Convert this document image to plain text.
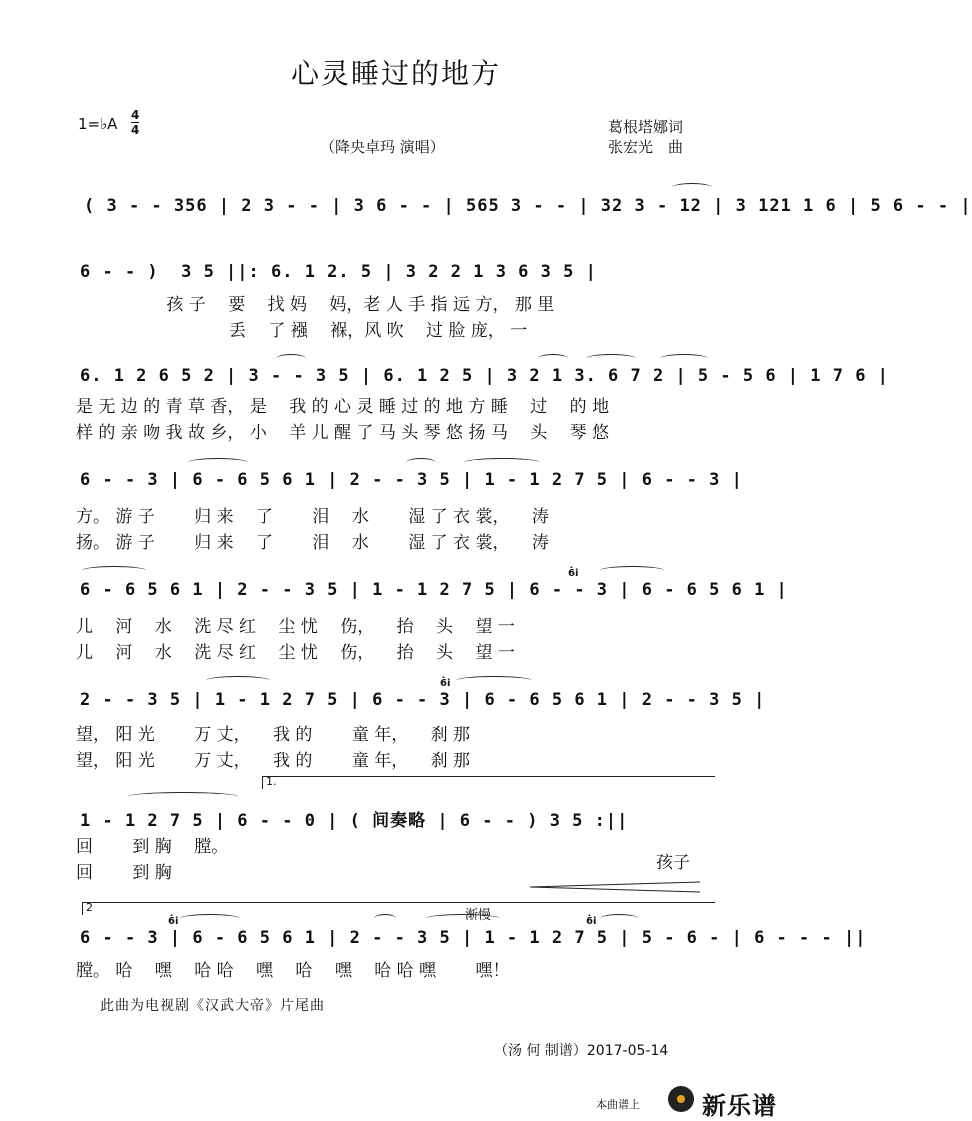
心灵睡过的地方
1=♭A 4
4
（降央卓玛 演唱）
葛根塔娜词
张宏光　曲
( 3 - - 356 | 2 3 - - | 3 6 - - | 565 3 - - | 32 3 - 12 | 3 121 1 6 | 5 6 - - |
6 - - )  3 5 ||: 6. 1 2. 5 | 3 2 2 1 3 6 3 5 |
　　　　　 孩 子 　要 　找 妈 　妈，老 人 手 指 远 方， 那 里
　　　　　　　　　丢 　了 襁 　褓，风 吹 　过 脸 庞， 一
6. 1 2 6 5 2 | 3 - - 3 5 | 6. 1 2 5 | 3 2 1 3. 6 7 2 | 5 - 5 6 | 1 7 6 |
是 无 边 的 青 草 香， 是 　我 的 心 灵 睡 过 的 地 方 睡 　过 　的 地
样 的 亲 吻 我 故 乡， 小 　羊 儿 醒 了 马 头 琴 悠 扬 马 　头 　琴 悠
6 - - 3 | 6 - 6 5 6 1 | 2 - - 3 5 | 1 - 1 2 7 5 | 6 - - 3 |
方。 游 子 　　归 来 　了 　　泪 　水 　　湿 了 衣 裳， 　涛
扬。 游 子 　　归 来 　了 　　泪 　水 　　湿 了 衣 裳， 　涛
6 - 6 5 6 1 | 2 - - 3 5 | 1 - 1 2 7 5 | 6 - - 3 | 6 - 6 5 6 1 |
6̇i
儿 　河 　水 　洗 尽 红 　尘 忧 　伤， 　抬 　头 　望 一
儿 　河 　水 　洗 尽 红 　尘 忧 　伤， 　抬 　头 　望 一
2 - - 3 5 | 1 - 1 2 7 5 | 6 - - 3 | 6 - 6 5 6 1 | 2 - - 3 5 |
6̇i
望， 阳 光 　　万 丈， 　我 的 　　童 年， 　刹 那
望， 阳 光 　　万 丈， 　我 的 　　童 年， 　刹 那
1.
1 - 1 2 7 5 | 6 - - 0 | ( 间奏略 | 6 - - ) 3 5 :||
回 　　到 胸 　膛。
回 　　到 胸	孩子
2
渐慢
6 - - 3 | 6 - 6 5 6 1 | 2 - - 3 5 | 1 - 1 2 7 5 | 5 - 6 - | 6 - - - ||
6̇i	6̇i
膛。 哈 　嘿 　哈 哈 　嘿 　哈 　嘿 　哈 哈 嘿 　　嘿！
此曲为电视剧《汉武大帝》片尾曲
（汤 何 制谱）2017-05-14
本曲谱上	新乐谱
